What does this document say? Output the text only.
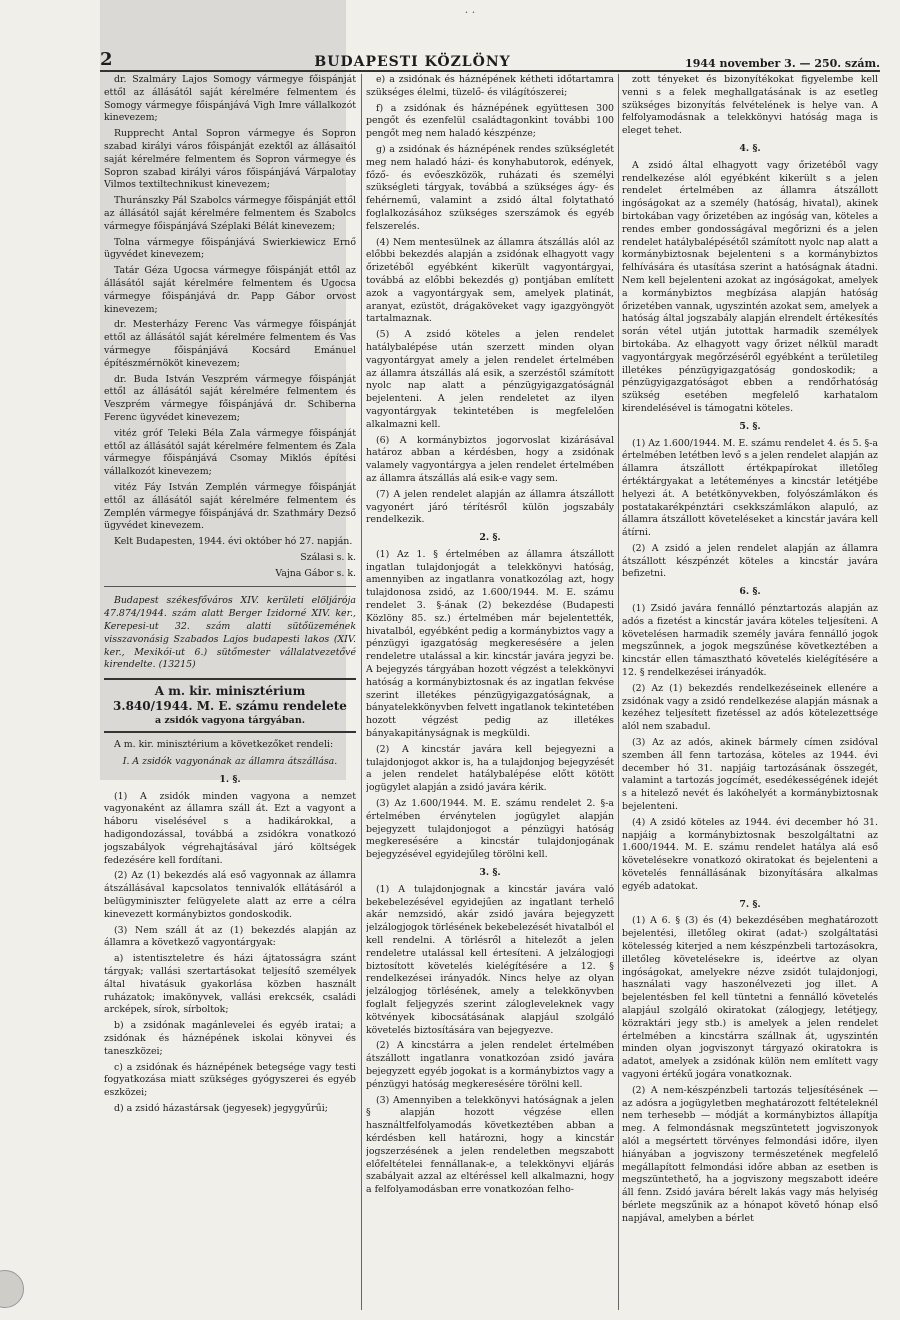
· ·
2	BUDAPESTI KÖZLÖNY	1944 november 3. — 250. szám.

dr. Szalmáry Lajos Somogy vármegye főispánját ettől az állásától saját kérelmére felmentem és Somogy vármegye főispánjává Vigh Imre vállalkozót kinevezem;

Rupprecht Antal Sopron vármegye és Sopron szabad királyi város főispánját ezektől az állásaitól saját kérelmére felmentem és Sopron vármegye és Sopron szabad királyi város főispánjává Várpalotay Vilmos textiltechnikust kinevezem;

Thuránszky Pál Szabolcs vármegye főispánját ettől az állásától saját kérelmére felmentem és Szabolcs vármegye főispánjává Széplaki Bélát kinevezem;

Tolna vármegye főispánjává Swierkiewicz Ernő ügyvédet kinevezem;

Tatár Géza Ugocsa vármegye főispánját ettől az állásától saját kérelmére felmentem és Ugocsa vármegye főispánjává dr. Papp Gábor orvost kinevezem;

dr. Mesterházy Ferenc Vas vármegye főispánját ettől az állásától saját kérelmére felmentem és Vas vármegye főispánjává Kocsárd Emánuel építészmérnököt kinevezem;

dr. Buda István Veszprém vármegye főispánját ettől az állásától saját kérelmére felmentem és Veszprém vármegye főispánjává dr. Schiberna Ferenc ügyvédet kinevezem;

vitéz gróf Teleki Béla Zala vármegye főispánját ettől az állásától saját kérelmére felmentem és Zala vármegye főispánjává Csomay Miklós építési vállalkozót kinevezem;

vitéz Fáy István Zemplén vármegye főispánját ettől az állásától saját kérelmére felmentem és Zemplén vármegye főispánjává dr. Szathmáry Dezső ügyvédet kinevezem.

Kelt Budapesten, 1944. évi október hó 27. napján.

Szálasi s. k.

Vajna Gábor s. k.

Budapest székesfőváros XIV. kerületi elöljárója 47.874/1944. szám alatt Berger Izidorné XIV. ker., Kerepesi-ut 32. szám alatti sütőüzemének visszavonásig Szabados Lajos budapesti lakos (XIV. ker., Mexikói-ut 6.) sütőmester vállalatvezetővé kirendelte. (13215)

A m. kir. minisztérium
3.840/1944. M. E. számu rendelete
a zsidók vagyona tárgyában.

A m. kir. minisztérium a következőket rendeli:

I. A zsidók vagyonának az államra átszállása.

1. §.

(1) A zsidók minden vagyona a nemzet vagyonaként az államra száll át. Ezt a vagyont a háboru viselésével s a hadikárokkal, a hadigondozással, továbbá a zsidókra vonatkozó jogszabályok végrehajtásával járó költségek fedezésére kell fordítani.

(2) Az (1) bekezdés alá eső vagyonnak az államra átszállásával kapcsolatos tennivalók ellátásáról a belügyminiszter felügyelete alatt az erre a célra kinevezett kormánybiztos gondoskodik.

(3) Nem száll át az (1) bekezdés alapján az államra a következő vagyontárgyak:

a) istentiszteletre és házi ájtatosságra szánt tárgyak; vallási szertartásokat teljesítő személyek által hivatásuk gyakorlása közben használt ruházatok; imakönyvek, vallási erekcsék, családi arcképek, sírok, sírboltok;

b) a zsidónak magánlevelei és egyéb iratai; a zsidónak és háznépének iskolai könyvei és taneszközei;

c) a zsidónak és háznépének betegsége vagy testi fogyatkozása miatt szükséges gyógyszerei és egyéb eszközei;

d) a zsidó házastársak (jegyesek) jegygyűrűi;

e) a zsidónak és háznépének kétheti időtartamra szükséges élelmi, tüzelő- és világítószerei;

f) a zsidónak és háznépének együttesen 300 pengőt és ezenfelül családtagonkint további 100 pengőt meg nem haladó készpénze;

g) a zsidónak és háznépének rendes szükségletét meg nem haladó házi- és konyhabutorok, edények, főző- és evőeszközök, ruházati és személyi szükségleti tárgyak, továbbá a szükséges ágy- és fehérnemű, valamint a zsidó által folytatható foglalkozásához szükséges szerszámok és egyéb felszerelés.

(4) Nem mentesülnek az államra átszállás alól az előbbi bekezdés alapján a zsidónak elhagyott vagy őrizetéből egyébként kikerült vagyontárgyai, továbbá az előbbi bekezdés g) pontjában említett azok a vagyontárgyak sem, amelyek platinát, aranyat, ezüstöt, drágaköveket vagy igazgyöngyöt tartalmaznak.

(5) A zsidó köteles a jelen rendelet hatálybalépése után szerzett minden olyan vagyontárgyat amely a jelen rendelet értelmében az államra átszállás alá esik, a szerzéstől számított nyolc nap alatt a pénzügyigazgatóságnál bejelenteni. A jelen rendeletet az ilyen vagyontárgyak tekintetében is megfelelően alkalmazni kell.

(6) A kormánybiztos jogorvoslat kizárásával határoz abban a kérdésben, hogy a zsidónak valamely vagyontárgya a jelen rendelet értelmében az államra átszállás alá esik-e vagy sem.

(7) A jelen rendelet alapján az államra átszállott vagyonért járó térítésről külön jogszabály rendelkezik.

2. §.

(1) Az 1. § értelmében az államra átszállott ingatlan tulajdonjogát a telekkönyvi hatóság, amennyiben az ingatlanra vonatkozólag azt, hogy tulajdonosa zsidó, az 1.600/1944. M. E. számu rendelet 3. §-ának (2) bekezdése (Budapesti Közlöny 85. sz.) értelmében már bejelentették, hivatalból, egyébként pedig a kormánybiztos vagy a pénzügyi igazgatóság megkeresésére a jelen rendeletre utalással a kir. kincstár javára jegyzi be. A bejegyzés tárgyában hozott végzést a telekkönyvi hatóság a kormánybiztosnak és az ingatlan fekvése szerint illetékes pénzügyigazgatóságnak, a bányatelekkönyvben felvett ingatlanok tekintetében hozott végzést pedig az illetékes bányakapitányságnak is megküldi.

(2) A kincstár javára kell bejegyezni a tulajdonjogot akkor is, ha a tulajdonjog bejegyzését a jelen rendelet hatálybalépése előtt kötött jogügylet alapján a zsidó javára kérik.

(3) Az 1.600/1944. M. E. számu rendelet 2. §-a értelmében érvénytelen jogügylet alapján bejegyzett tulajdonjogot a pénzügyi hatóság megkeresésére a kincstár tulajdonjogának bejegyzésével egyidejűleg törölni kell.

3. §.

(1) A tulajdonjognak a kincstár javára való bekebelezésével egyidejűen az ingatlant terhelő akár nemzsidó, akár zsidó javára bejegyzett jelzálogjogok törlésének bekebelezését hivatalból el kell rendelni. A törlésről a hitelezőt a jelen rendeletre utalással kell értesíteni. A jelzálogjogi biztosított követelés kielégítésére a 12. § rendelkezései irányadók. Nincs helye az olyan jelzálogjog törlésének, amely a telekkönyvben foglalt feljegyzés szerint zálogleveleknek vagy kötvények kibocsátásának alapjául szolgáló követelés biztosítására van bejegyezve.

(2) A kincstárra a jelen rendelet értelmében átszállott ingatlanra vonatkozóan zsidó javára bejegyzett egyéb jogokat is a kormánybiztos vagy a pénzügyi hatóság megkeresésére törölni kell.

(3) Amennyiben a telekkönyvi hatóságnak a jelen § alapján hozott végzése ellen használtfelfolyamodás következtében abban a kérdésben kell határozni, hogy a kincstár jogszerzésének a jelen rendeletben megszabott előfeltételei fennállanak-e, a telekkönyvi eljárás szabályait azzal az eltéréssel kell alkalmazni, hogy a felfolyamodásban erre vonatkozóan felho-

zott tényeket és bizonyítékokat figyelembe kell venni s a felek meghallgatásának is az esetleg szükséges bizonyítás felvételének is helye van. A felfolyamodásnak a telekkönyvi hatóság maga is eleget tehet.

4. §.

A zsidó által elhagyott vagy őrizetéből vagy rendelkezése alól egyébként kikerült s a jelen rendelet értelmében az államra átszállott ingóságokat az a személy (hatóság, hivatal), akinek birtokában vagy őrizetében az ingóság van, köteles a rendes ember gondosságával megőrizni és a jelen rendelet hatálybalépésétől számított nyolc nap alatt a kormánybiztosnak bejelenteni s a kormánybiztos felhívására és utasítása szerint a hatóságnak átadni. Nem kell bejelenteni azokat az ingóságokat, amelyek a kormánybiztos megbízása alapján hatóság őrizetében vannak, ugyszintén azokat sem, amelyek a hatóság által jogszabály alapján elrendelt értékesítés során vétel utján jutottak harmadik személyek birtokába. Az elhagyott vagy őrizet nélkül maradt vagyontárgyak megőrzéséről egyébként a területileg illetékes pénzügyigazgatóság gondoskodik; a pénzügyigazgatóságot ebben a rendőrhatóság szükség esetében megfelelő karhatalom kirendelésével is támogatni köteles.

5. §.

(1) Az 1.600/1944. M. E. számu rendelet 4. és 5. §-a értelmében letétben levő s a jelen rendelet alapján az államra átszállott értékpapírokat illetőleg értéktárgyakat a letéteményes a kincstár letétjébe helyezi át. A betétkönyvekben, folyószámlákon és postatakarékpénztári csekkszámlákon alapuló, az államra átszállott követeléseket a kincstár javára kell átírni.

(2) A zsidó a jelen rendelet alapján az államra átszállott készpénzét köteles a kincstár javára befizetni.

6. §.

(1) Zsidó javára fennálló pénztartozás alapján az adós a fizetést a kincstár javára köteles teljesíteni. A követelésen harmadik személy javára fennálló jogok megszűnnek, a jogok megszűnése következtében a kincstár ellen támasztható követelés kielégítésére a 12. § rendelkezései irányadók.

(2) Az (1) bekezdés rendelkezéseinek ellenére a zsidónak vagy a zsidó rendelkezése alapján másnak a kezéhez teljesített fizetéssel az adós kötelezettsége alól nem szabadul.

(3) Az az adós, akinek bármely címen zsidóval szemben áll fenn tartozása, köteles az 1944. évi december hó 31. napjáig tartozásának összegét, valamint a tartozás jogcímét, esedékességének idejét s a hitelező nevét és lakóhelyét a kormánybiztosnak bejelenteni.

(4) A zsidó köteles az 1944. évi december hó 31. napjáig a kormánybiztosnak beszolgáltatni az 1.600/1944. M. E. számu rendelet hatálya alá eső követelésekre vonatkozó okiratokat és bejelenteni a követelés fennállásának bizonyítására alkalmas egyéb adatokat.

7. §.

(1) A 6. § (3) és (4) bekezdésében meghatározott bejelentési, illetőleg okirat (adat-) szolgáltatási kötelesség kiterjed a nem készpénzbeli tartozásokra, illetőleg követelésekre is, ideértve az olyan ingóságokat, amelyekre nézve zsidót tulajdonjogi, használati vagy haszonélvezeti jog illet. A bejelentésben fel kell tüntetni a fennálló követelés alapjául szolgáló okiratokat (zálogjegy, letétjegy, közraktári jegy stb.) is amelyek a jelen rendelet értelmében a kincstárra szállnak át, ugyszintén minden olyan jogviszonyt tárgyazó okiratokra is adatot, amelyek a zsidónak külön nem említett vagy vagyoni értékű jogára vonatkoznak.

(2) A nem-készpénzbeli tartozás teljesítésének — az adósra a jogügyletben meghatározott feltételeknél nem terhesebb — módját a kormánybiztos állapítja meg. A felmondásnak megszüntetett jogviszonyok alól a megsértett törvényes felmondási időre, ilyen hiányában a jogviszony természetének megfelelő megállapított felmondási időre abban az esetben is megszüntethető, ha a jogviszony megszabott ideére áll fenn. Zsidó javára bérelt lakás vagy más helyiség bérlete megszűnik az a hónapot követő hónap első napjával, amelyben a bérlet
